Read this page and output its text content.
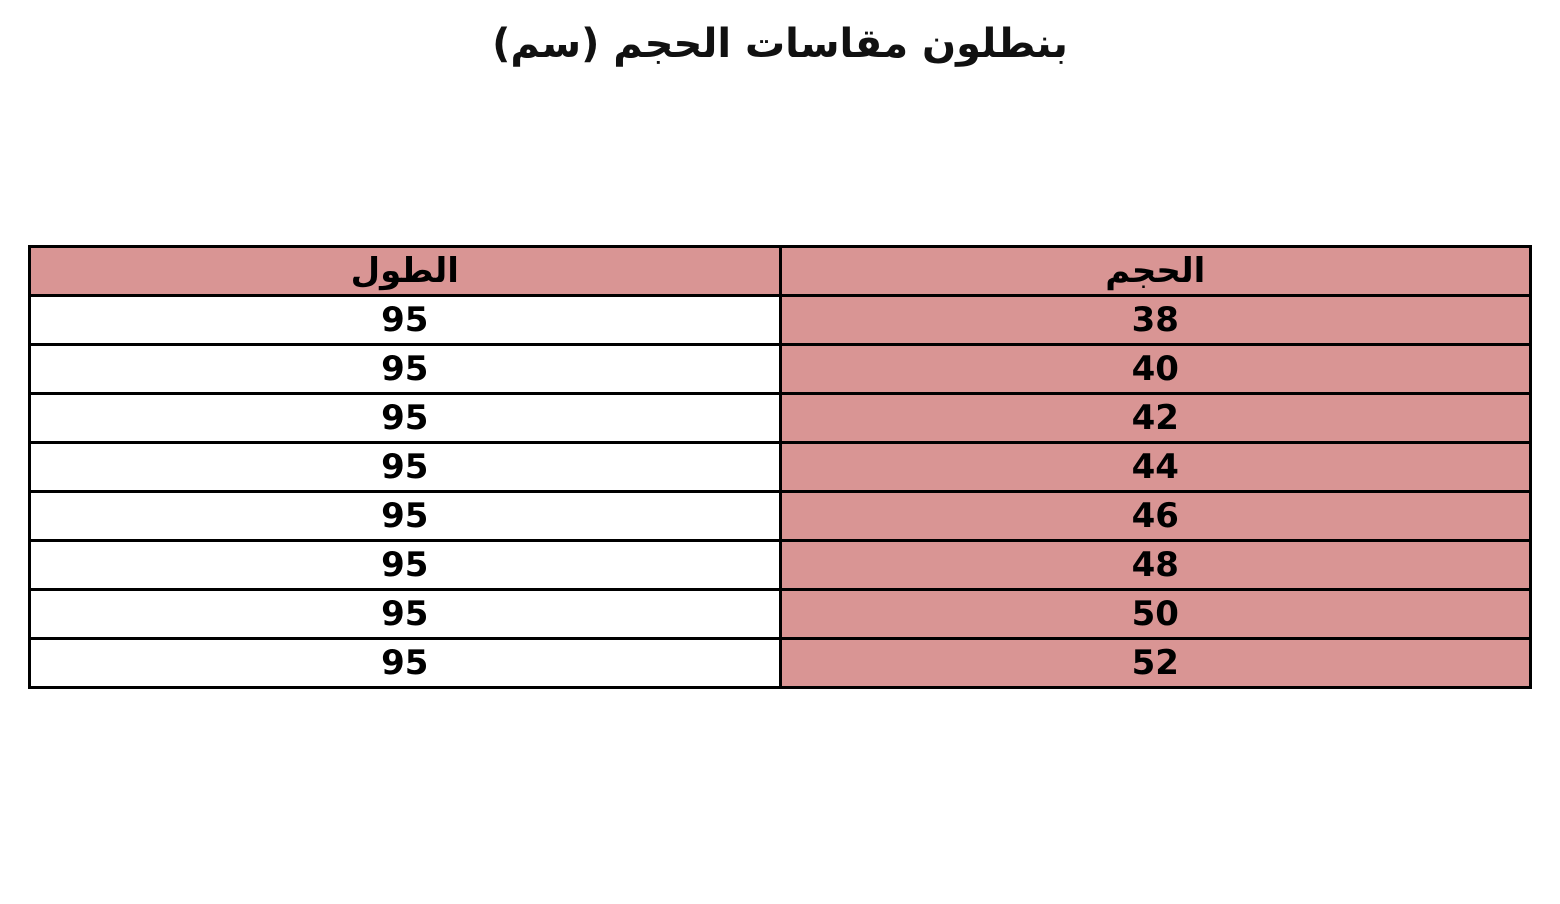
بنطلون مقاسات الحجم (سم)
الحجم	الطول
38	95
40	95
42	95
44	95
46	95
48	95
50	95
52	95
